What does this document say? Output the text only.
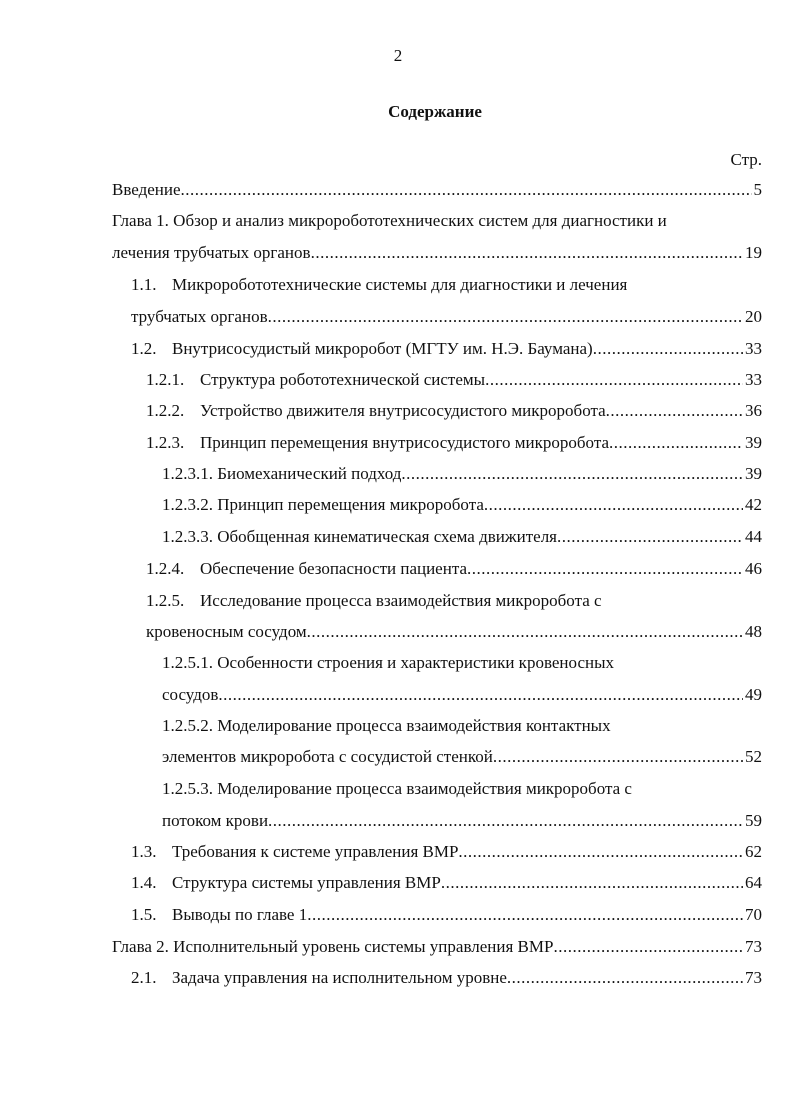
2
Содержание
Стр.
Введение .....	5
Глава 1. Обзор и анализ микроробототехнических систем для диагностики и
лечения трубчатых органов .....	19
1.1. Микроробототехнические системы для диагностики и лечения
трубчатых органов .....	20
1.2. Внутрисосудистый микроробот (МГТУ им. Н.Э. Баумана) .....	33
1.2.1. Структура робототехнической системы .....	33
1.2.2. Устройство движителя внутрисосудистого микроробота .....	36
1.2.3. Принцип перемещения внутрисосудистого микроробота .....	39
1.2.3.1. Биомеханический подход .....	39
1.2.3.2. Принцип перемещения микроробота .....	42
1.2.3.3. Обобщенная кинематическая схема движителя .....	44
1.2.4. Обеспечение безопасности пациента .....	46
1.2.5. Исследование процесса взаимодействия микроробота с
кровеносным сосудом .....	48
1.2.5.1. Особенности строения и характеристики кровеносных
сосудов .....	49
1.2.5.2. Моделирование процесса взаимодействия контактных
элементов микроробота с сосудистой стенкой .....	52
1.2.5.3. Моделирование процесса взаимодействия микроробота с
потоком крови .....	59
1.3. Требования к системе управления ВМР .....	62
1.4. Структура системы управления ВМР .....	64
1.5. Выводы по главе 1 .....	70
Глава 2. Исполнительный уровень системы управления ВМР .....	73
2.1. Задача управления на исполнительном уровне .....	73
